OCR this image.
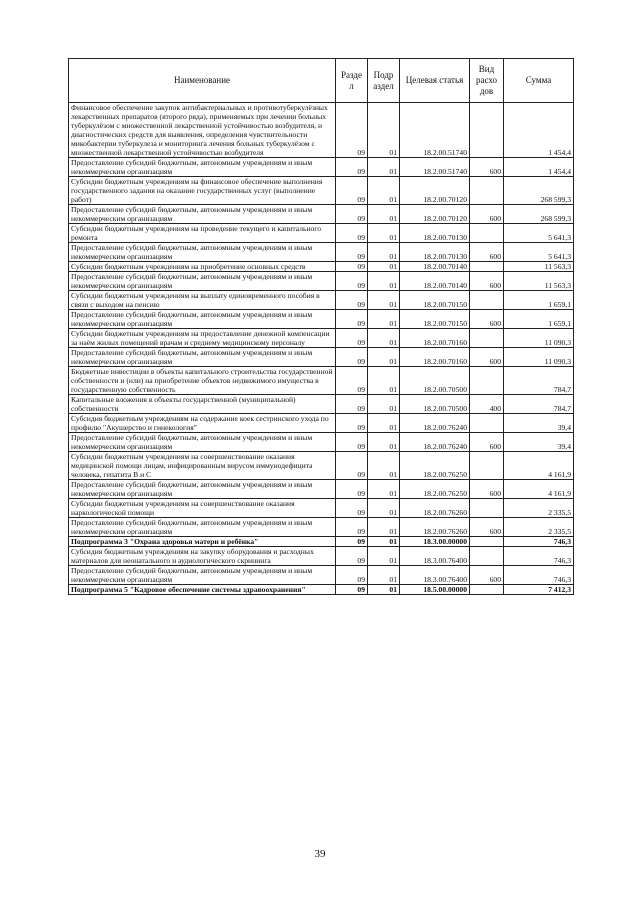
Наименование	Разде л	Подр аздел	Целевая статья	Вид расхо дов	Сумма
Финансовое обеспечение закупок антибактериальных и противотуберкулёзных лекарственных препаратов (второго ряда), применяемых при лечении больных туберкулёзом с множественной лекарственной устойчивостью возбудителя, и диагностических средств для выявления, определения чувствительности микобактерии туберкулеза и мониторинга лечения больных туберкулёзом с множественной лекарственной устойчивостью возбудителя	09	01	18.2.00.51740		1 454,4
Предоставление субсидий бюджетным, автономным учреждениям и иным некоммерческим организациям	09	01	18.2.00.51740	600	1 454,4
Субсидии бюджетным учреждениям на финансовое обеспечение выполнения государственного задания на оказание государственных услуг (выполнение работ)	09	01	18.2.00.70120		268 599,3
Предоставление субсидий бюджетным, автономным учреждениям и иным некоммерческим организациям	09	01	18.2.00.70120	600	268 599,3
Субсидии бюджетным учреждениям на проведение текущего и капитального ремонта	09	01	18.2.00.70130		5 641,3
Предоставление субсидий бюджетным, автономным учреждениям и иным некоммерческим организациям	09	01	18.2.00.70130	600	5 641,3
Субсидии бюджетным учреждениям на приобретение основных средств	09	01	18.2.00.70140		11 563,3
Предоставление субсидий бюджетным, автономным учреждениям и иным некоммерческим организациям	09	01	18.2.00.70140	600	11 563,3
Субсидии бюджетным учреждениям на выплату единовременного пособия в связи с выходом на пенсию	09	01	18.2.00.70150		1 659,1
Предоставление субсидий бюджетным, автономным учреждениям и иным некоммерческим организациям	09	01	18.2.00.70150	600	1 659,1
Субсидии бюджетным учреждениям на предоставление денежной компенсации за наём жилых помещений врачам и среднему медицинскому персоналу	09	01	18.2.00.70160		11 090,3
Предоставление субсидий бюджетным, автономным учреждениям и иным некоммерческим организациям	09	01	18.2.00.70160	600	11 090,3
Бюджетные инвестиции в объекты капитального строительства государственной собственности и (или) на приобретение объектов недвижимого имущества в государственную собственность	09	01	18.2.00.70500		784,7
Капитальные вложения в объекты государственной (муниципальной) собственности	09	01	18.2.00.70500	400	784,7
Субсидия бюджетным учреждениям на содержание коек сестринского ухода по профилю "Акушерство и гинекология"	09	01	18.2.00.76240		39,4
Предоставление субсидий бюджетным, автономным учреждениям и иным некоммерческим организациям	09	01	18.2.00.76240	600	39,4
Субсидии бюджетным учреждениям на совершенствование оказания медицинской помощи лицам, инфицированным вирусом иммунодефицита человека, гепатита В и С	09	01	18.2.00.76250		4 161,9
Предоставление субсидий бюджетным, автономным учреждениям и иным некоммерческим организациям	09	01	18.2.00.76250	600	4 161,9
Субсидии бюджетным учреждениям на совершенствование оказания наркологической помощи	09	01	18.2.00.76260		2 335,5
Предоставление субсидий бюджетным, автономным учреждениям и иным некоммерческим организациям	09	01	18.2.00.76260	600	2 335,5
Подпрограмма 3 "Охрана здоровья матери и ребёнка"	09	01	18.3.00.00000		746,3
Субсидия бюджетным учреждениям на закупку оборудования и расходных материалов для неонатального и аудиологического скрининга	09	01	18.3.00.76400		746,3
Предоставление субсидий бюджетным, автономным учреждениям и иным некоммерческим организациям	09	01	18.3.00.76400	600	746,3
Подпрограмма 5 "Кадровое обеспечение системы здравоохранения"	09	01	18.5.00.00000		7 412,3
39
